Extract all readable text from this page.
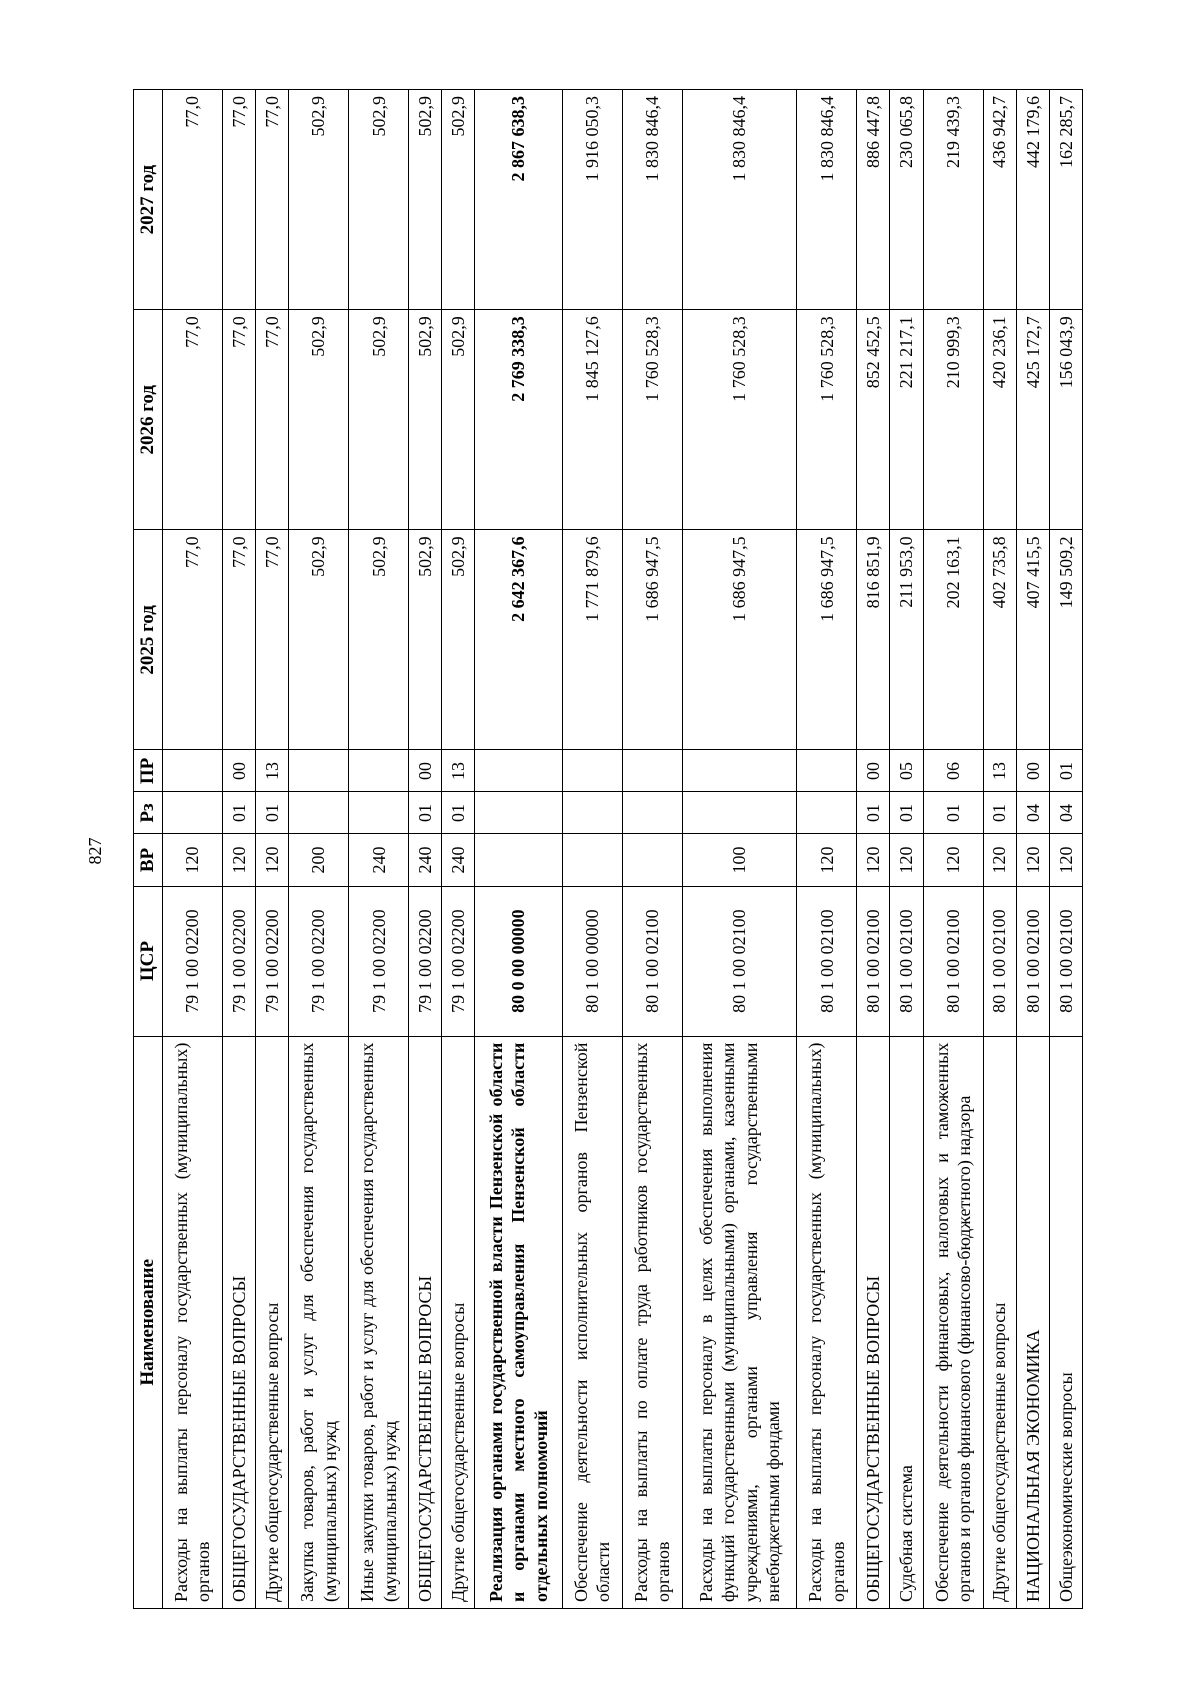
827
Наименование	ЦСР	ВР	Рз	ПР	2025 год	2026 год	2027 год
Расходы на выплаты персоналу государственных (муниципальных) органов	79 1 00 02200	120			77,0	77,0	77,0
ОБЩЕГОСУДАРСТВЕННЫЕ ВОПРОСЫ	79 1 00 02200	120	01	00	77,0	77,0	77,0
Другие общегосударственные вопросы	79 1 00 02200	120	01	13	77,0	77,0	77,0
Закупка товаров, работ и услуг для обеспечения государственных (муниципальных) нужд	79 1 00 02200	200			502,9	502,9	502,9
Иные закупки товаров, работ и услуг для обеспечения государственных (муниципальных) нужд	79 1 00 02200	240			502,9	502,9	502,9
ОБЩЕГОСУДАРСТВЕННЫЕ ВОПРОСЫ	79 1 00 02200	240	01	00	502,9	502,9	502,9
Другие общегосударственные вопросы	79 1 00 02200	240	01	13	502,9	502,9	502,9
Реализация органами государственной власти Пензенской области и органами местного самоуправления Пензенской области отдельных полномочий	80 0 00 00000				2 642 367,6	2 769 338,3	2 867 638,3
Обеспечение деятельности исполнительных органов Пензенской области	80 1 00 00000				1 771 879,6	1 845 127,6	1 916 050,3
Расходы на выплаты по оплате труда работников государственных органов	80 1 00 02100				1 686 947,5	1 760 528,3	1 830 846,4
Расходы на выплаты персоналу в целях обеспечения выполнения функций государственными (муниципальными) органами, казенными учреждениями, органами управления государственными внебюджетными фондами	80 1 00 02100	100			1 686 947,5	1 760 528,3	1 830 846,4
Расходы на выплаты персоналу государственных (муниципальных) органов	80 1 00 02100	120			1 686 947,5	1 760 528,3	1 830 846,4
ОБЩЕГОСУДАРСТВЕННЫЕ ВОПРОСЫ	80 1 00 02100	120	01	00	816 851,9	852 452,5	886 447,8
Судебная система	80 1 00 02100	120	01	05	211 953,0	221 217,1	230 065,8
Обеспечение деятельности финансовых, налоговых и таможенных органов и органов финансового (финансово-бюджетного) надзора	80 1 00 02100	120	01	06	202 163,1	210 999,3	219 439,3
Другие общегосударственные вопросы	80 1 00 02100	120	01	13	402 735,8	420 236,1	436 942,7
НАЦИОНАЛЬНАЯ ЭКОНОМИКА	80 1 00 02100	120	04	00	407 415,5	425 172,7	442 179,6
Общеэкономические вопросы	80 1 00 02100	120	04	01	149 509,2	156 043,9	162 285,7
